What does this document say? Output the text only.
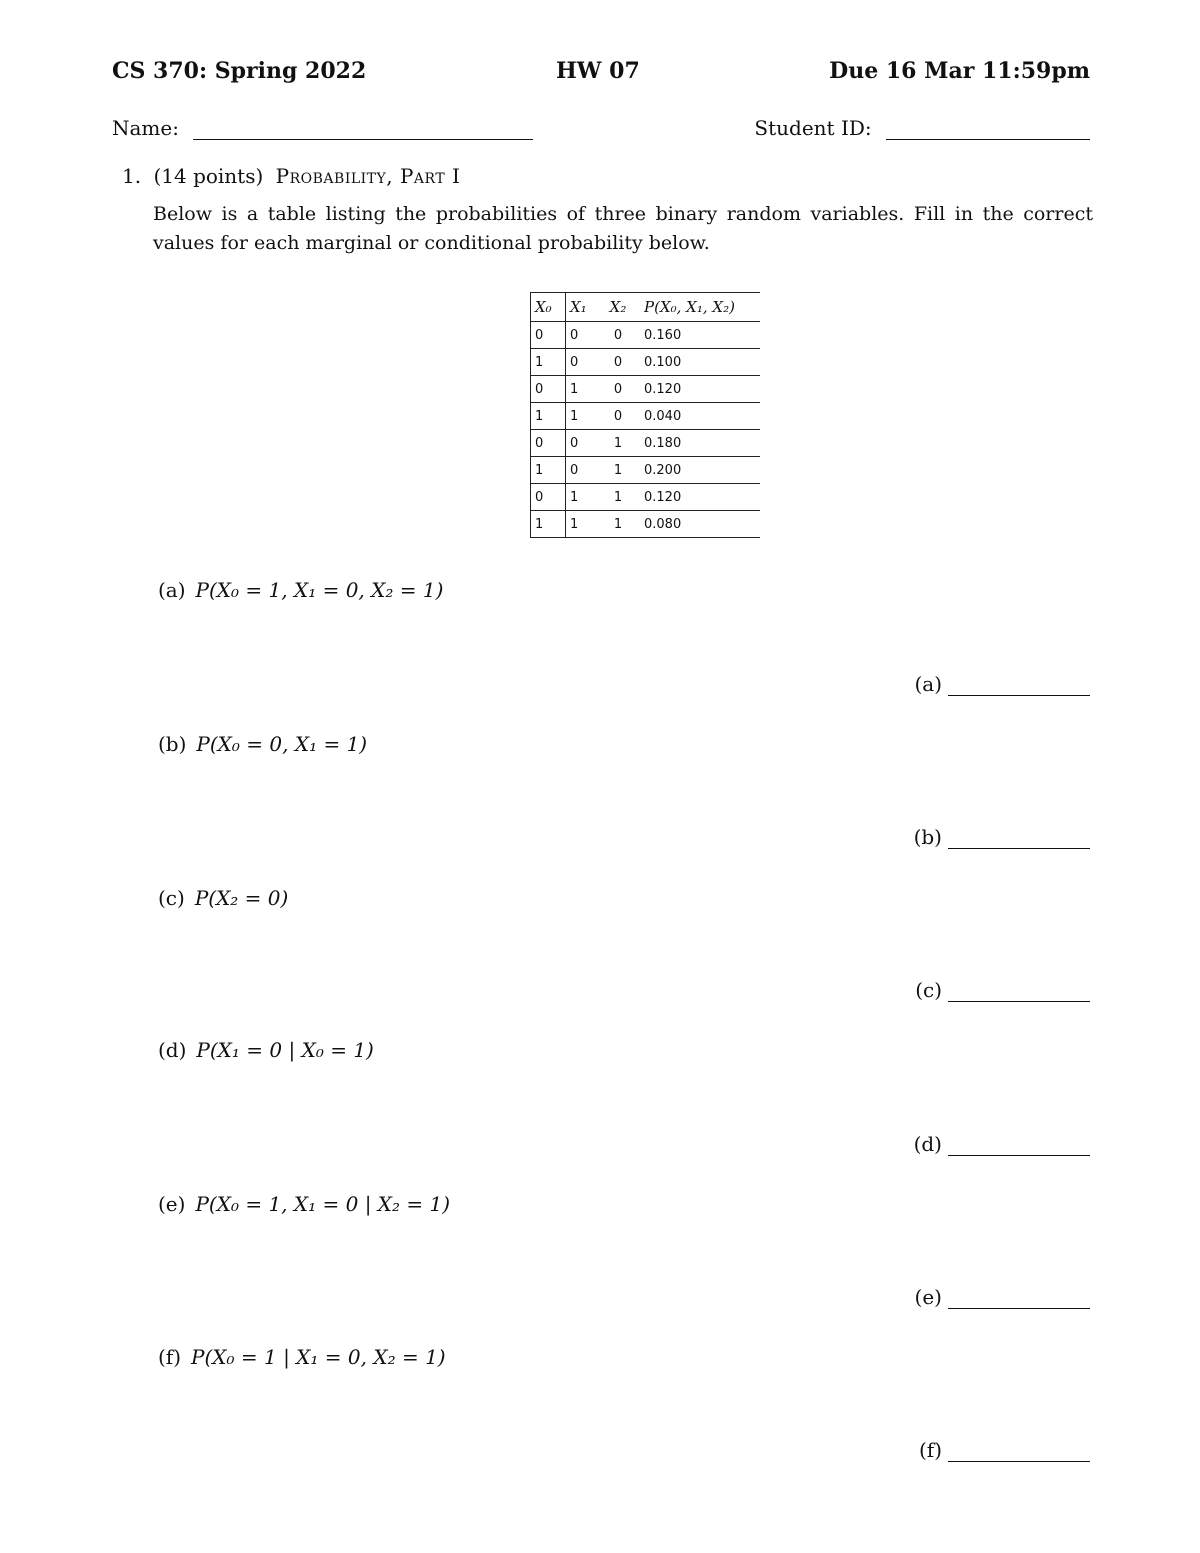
CS 370: Spring 2022	HW 07	Due 16 Mar 11:59pm
Name:	Student ID:
1. (14 points) Probability, Part I
Below is a table listing the probabilities of three binary random variables. Fill in the correct values for each marginal or conditional probability below.
X₀	X₁	X₂	P(X₀, X₁, X₂)
0	0	0	0.160
1	0	0	0.100
0	1	0	0.120
1	1	0	0.040
0	0	1	0.180
1	0	1	0.200
0	1	1	0.120
1	1	1	0.080
(a) P(X₀ = 1, X₁ = 0, X₂ = 1)
(a)
(b) P(X₀ = 0, X₁ = 1)
(b)
(c) P(X₂ = 0)
(c)
(d) P(X₁ = 0 | X₀ = 1)
(d)
(e) P(X₀ = 1, X₁ = 0 | X₂ = 1)
(e)
(f) P(X₀ = 1 | X₁ = 0, X₂ = 1)
(f)
